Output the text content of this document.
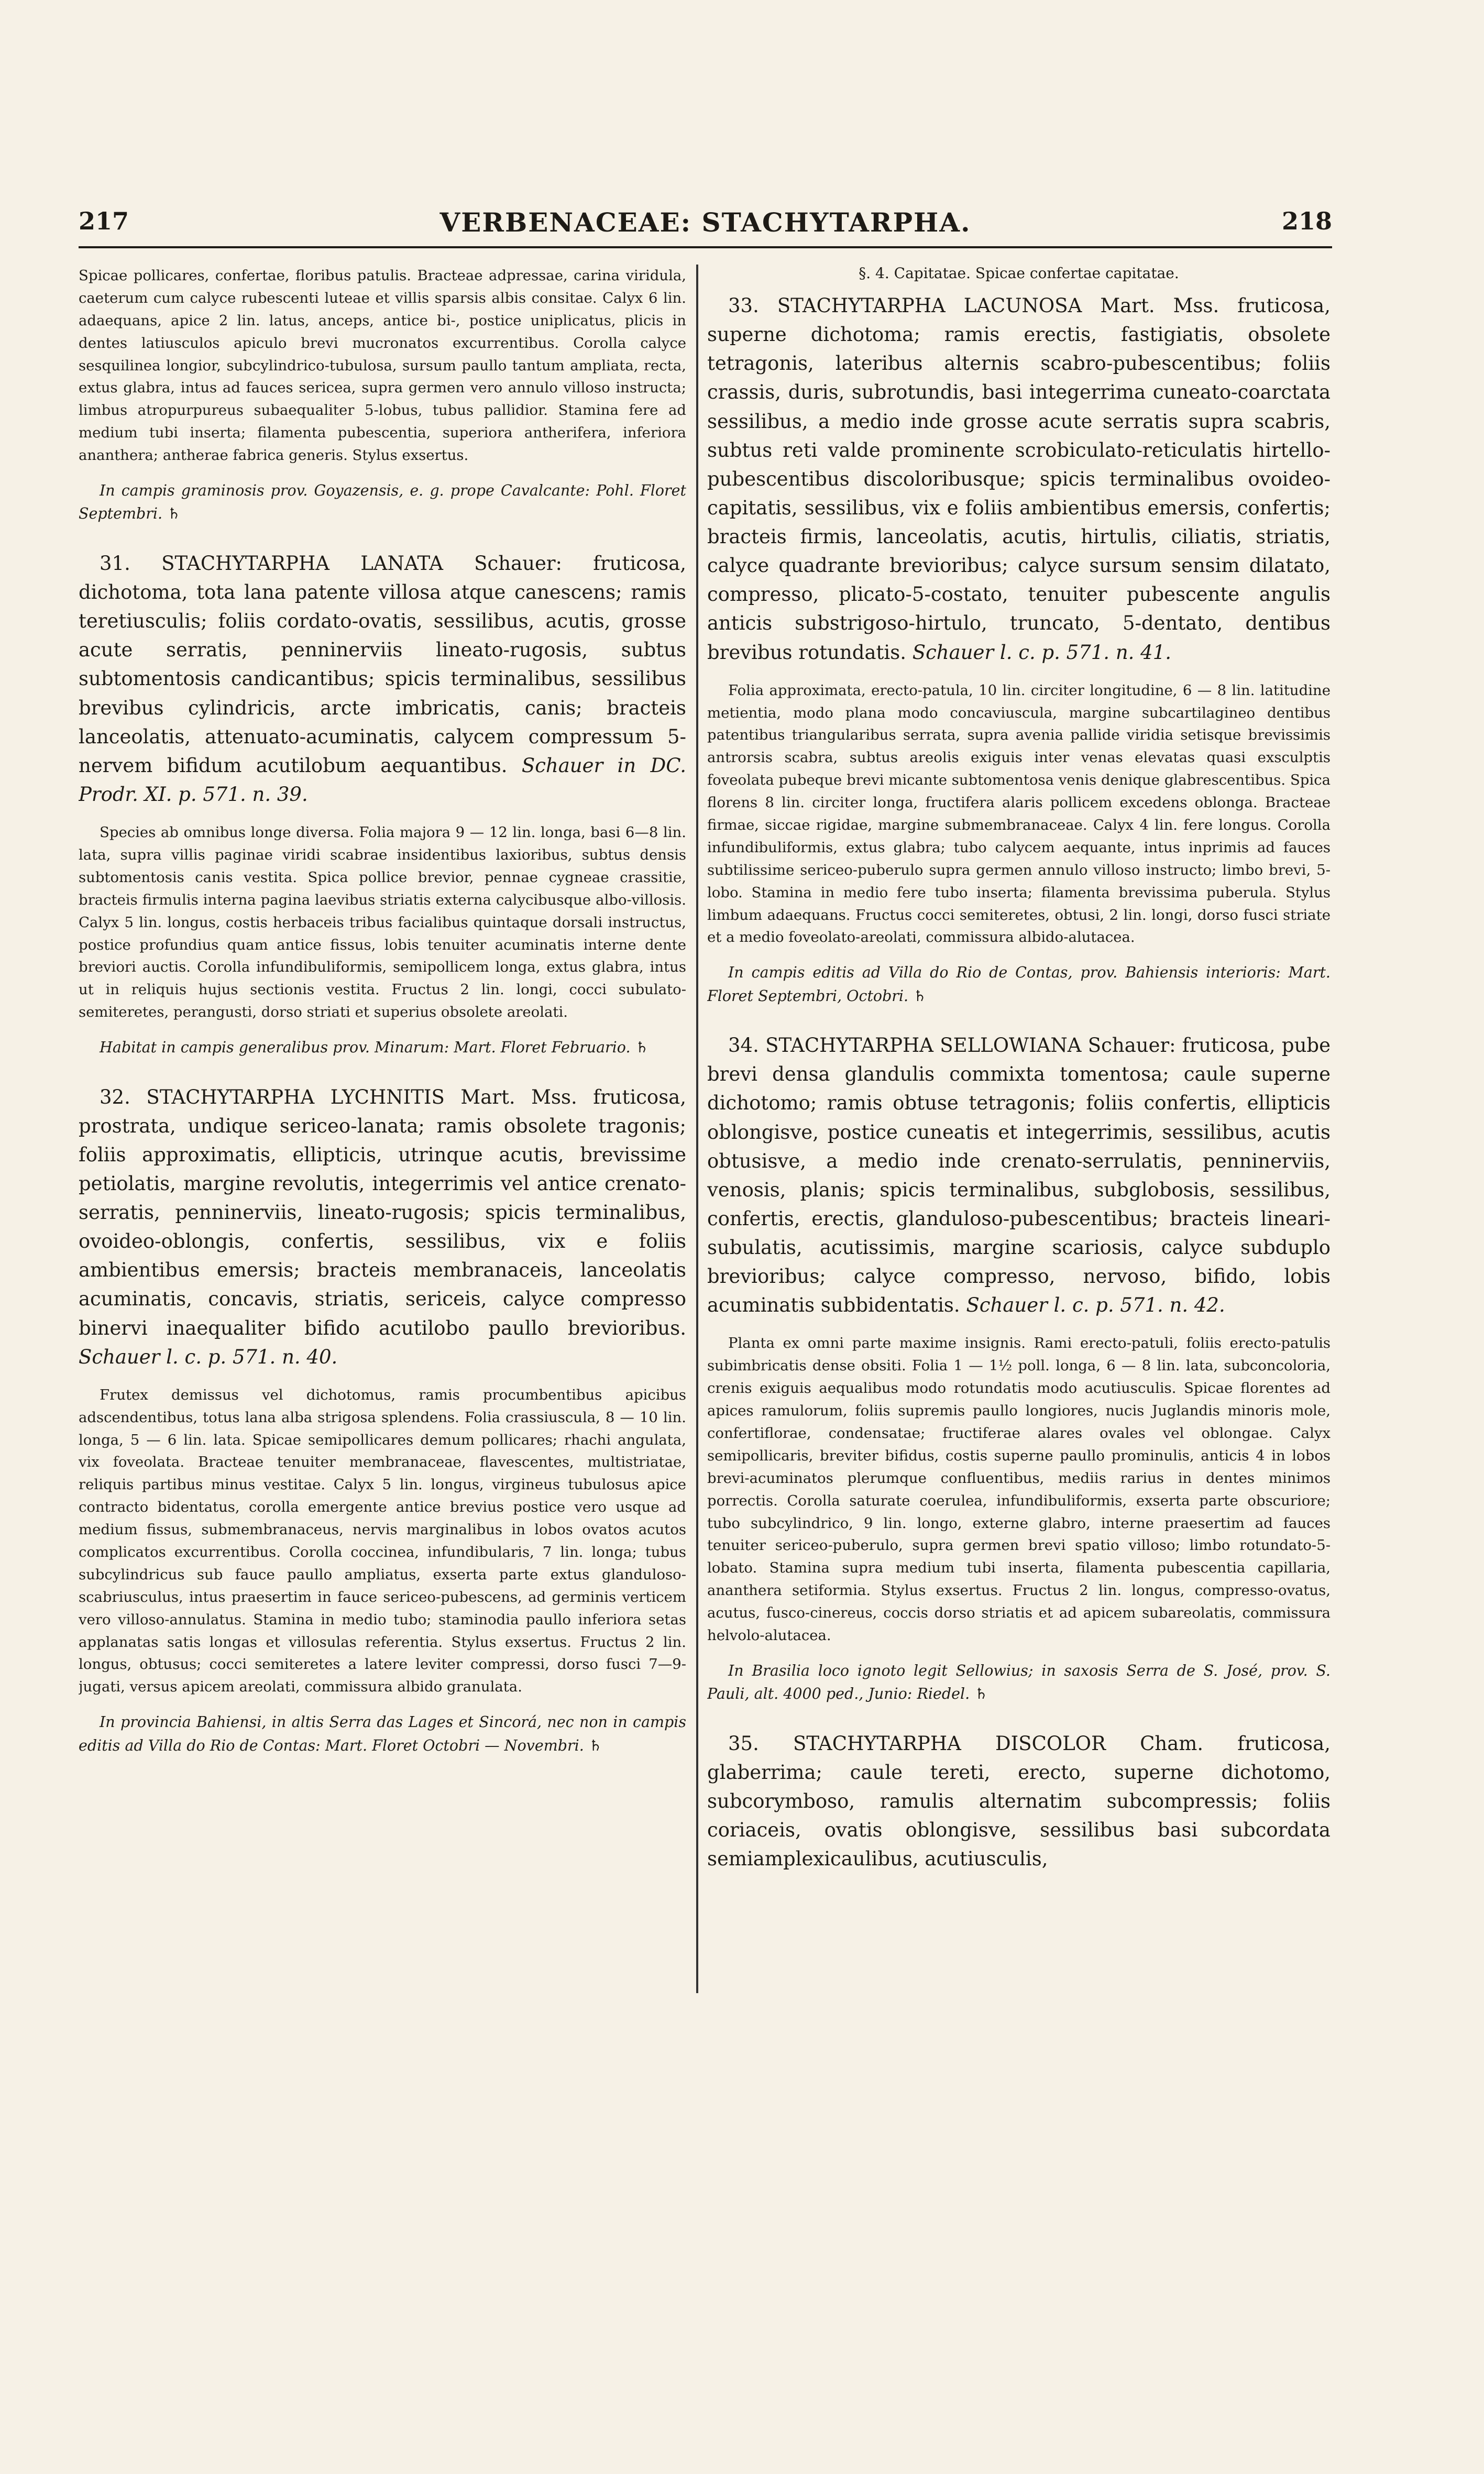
217	VERBENACEAE: STACHYTARPHA.	218

Spicae pollicares, confertae, floribus patulis. Bracteae adpressae, carina viridula, caeterum cum calyce rubescenti luteae et villis sparsis albis consitae. Calyx 6 lin. adaequans, apice 2 lin. latus, anceps, antice bi-, postice uniplicatus, plicis in dentes latiusculos apiculo brevi mucronatos excurrentibus. Corolla calyce sesquilinea longior, subcylindrico-tubulosa, sursum paullo tantum ampliata, recta, extus glabra, intus ad fauces sericea, supra germen vero annulo villoso instructa; limbus atropurpureus subaequaliter 5-lobus, tubus pallidior. Stamina fere ad medium tubi inserta; filamenta pubescentia, superiora antherifera, inferiora ananthera; antherae fabrica generis. Stylus exsertus.

In campis graminosis prov. Goyazensis, e. g. prope Cavalcante: Pohl. Floret Septembri. ♄

31. STACHYTARPHA LANATA Schauer: fruticosa, dichotoma, tota lana patente villosa atque canescens; ramis teretiusculis; foliis cordato-ovatis, sessilibus, acutis, grosse acute serratis, penninerviis lineato-rugosis, subtus subtomentosis candicantibus; spicis terminalibus, sessilibus brevibus cylindricis, arcte imbricatis, canis; bracteis lanceolatis, attenuato-acuminatis, calycem compressum 5-nervem bifidum acutilobum aequantibus. Schauer in DC. Prodr. XI. p. 571. n. 39.

Species ab omnibus longe diversa. Folia majora 9 — 12 lin. longa, basi 6—8 lin. lata, supra villis paginae viridi scabrae insidentibus laxioribus, subtus densis subtomentosis canis vestita. Spica pollice brevior, pennae cygneae crassitie, bracteis firmulis interna pagina laevibus striatis externa calycibusque albo-villosis. Calyx 5 lin. longus, costis herbaceis tribus facialibus quintaque dorsali instructus, postice profundius quam antice fissus, lobis tenuiter acuminatis interne dente breviori auctis. Corolla infundibuliformis, semipollicem longa, extus glabra, intus ut in reliquis hujus sectionis vestita. Fructus 2 lin. longi, cocci subulato-semiteretes, perangusti, dorso striati et superius obsolete areolati.

Habitat in campis generalibus prov. Minarum: Mart. Floret Februario. ♄

32. STACHYTARPHA LYCHNITIS Mart. Mss. fruticosa, prostrata, undique sericeo-lanata; ramis obsolete tragonis; foliis approximatis, ellipticis, utrinque acutis, brevissime petiolatis, margine revolutis, integerrimis vel antice crenato-serratis, penninerviis, lineato-rugosis; spicis terminalibus, ovoideo-oblongis, confertis, sessilibus, vix e foliis ambientibus emersis; bracteis membranaceis, lanceolatis acuminatis, concavis, striatis, sericeis, calyce compresso binervi inaequaliter bifido acutilobo paullo brevioribus. Schauer l. c. p. 571. n. 40.

Frutex demissus vel dichotomus, ramis procumbentibus apicibus adscendentibus, totus lana alba strigosa splendens. Folia crassiuscula, 8 — 10 lin. longa, 5 — 6 lin. lata. Spicae semipollicares demum pollicares; rhachi angulata, vix foveolata. Bracteae tenuiter membranaceae, flavescentes, multistriatae, reliquis partibus minus vestitae. Calyx 5 lin. longus, virgineus tubulosus apice contracto bidentatus, corolla emergente antice brevius postice vero usque ad medium fissus, submembranaceus, nervis marginalibus in lobos ovatos acutos complicatos excurrentibus. Corolla coccinea, infundibularis, 7 lin. longa; tubus subcylindricus sub fauce paullo ampliatus, exserta parte extus glanduloso-scabriusculus, intus praesertim in fauce sericeo-pubescens, ad germinis verticem vero villoso-annulatus. Stamina in medio tubo; staminodia paullo inferiora setas applanatas satis longas et villosulas referentia. Stylus exsertus. Fructus 2 lin. longus, obtusus; cocci semiteretes a latere leviter compressi, dorso fusci 7—9-jugati, versus apicem areolati, commissura albido granulata.

In provincia Bahiensi, in altis Serra das Lages et Sincorá, nec non in campis editis ad Villa do Rio de Contas: Mart. Floret Octobri — Novembri. ♄

§. 4. Capitatae. Spicae confertae capitatae.

33. STACHYTARPHA LACUNOSA Mart. Mss. fruticosa, superne dichotoma; ramis erectis, fastigiatis, obsolete tetragonis, lateribus alternis scabro-pubescentibus; foliis crassis, duris, subrotundis, basi integerrima cuneato-coarctata sessilibus, a medio inde grosse acute serratis supra scabris, subtus reti valde prominente scrobiculato-reticulatis hirtello-pubescentibus discoloribusque; spicis terminalibus ovoideo-capitatis, sessilibus, vix e foliis ambientibus emersis, confertis; bracteis firmis, lanceolatis, acutis, hirtulis, ciliatis, striatis, calyce quadrante brevioribus; calyce sursum sensim dilatato, compresso, plicato-5-costato, tenuiter pubescente angulis anticis substrigoso-hirtulo, truncato, 5-dentato, dentibus brevibus rotundatis. Schauer l. c. p. 571. n. 41.

Folia approximata, erecto-patula, 10 lin. circiter longitudine, 6 — 8 lin. latitudine metientia, modo plana modo concaviuscula, margine subcartilagineo dentibus patentibus triangularibus serrata, supra avenia pallide viridia setisque brevissimis antrorsis scabra, subtus areolis exiguis inter venas elevatas quasi exsculptis foveolata pubeque brevi micante subtomentosa venis denique glabrescentibus. Spica florens 8 lin. circiter longa, fructifera alaris pollicem excedens oblonga. Bracteae firmae, siccae rigidae, margine submembranaceae. Calyx 4 lin. fere longus. Corolla infundibuliformis, extus glabra; tubo calycem aequante, intus inprimis ad fauces subtilissime sericeo-puberulo supra germen annulo villoso instructo; limbo brevi, 5-lobo. Stamina in medio fere tubo inserta; filamenta brevissima puberula. Stylus limbum adaequans. Fructus cocci semiteretes, obtusi, 2 lin. longi, dorso fusci striate et a medio foveolato-areolati, commissura albido-alutacea.

In campis editis ad Villa do Rio de Contas, prov. Bahiensis interioris: Mart. Floret Septembri, Octobri. ♄

34. STACHYTARPHA SELLOWIANA Schauer: fruticosa, pube brevi densa glandulis commixta tomentosa; caule superne dichotomo; ramis obtuse tetragonis; foliis confertis, ellipticis oblongisve, postice cuneatis et integerrimis, sessilibus, acutis obtusisve, a medio inde crenato-serrulatis, penninerviis, venosis, planis; spicis terminalibus, subglobosis, sessilibus, confertis, erectis, glanduloso-pubescentibus; bracteis lineari-subulatis, acutissimis, margine scariosis, calyce subduplo brevioribus; calyce compresso, nervoso, bifido, lobis acuminatis subbidentatis. Schauer l. c. p. 571. n. 42.

Planta ex omni parte maxime insignis. Rami erecto-patuli, foliis erecto-patulis subimbricatis dense obsiti. Folia 1 — 1½ poll. longa, 6 — 8 lin. lata, subconcoloria, crenis exiguis aequalibus modo rotundatis modo acutiusculis. Spicae florentes ad apices ramulorum, foliis supremis paullo longiores, nucis Juglandis minoris mole, confertiflorae, condensatae; fructiferae alares ovales vel oblongae. Calyx semipollicaris, breviter bifidus, costis superne paullo prominulis, anticis 4 in lobos brevi-acuminatos plerumque confluentibus, mediis rarius in dentes minimos porrectis. Corolla saturate coerulea, infundibuliformis, exserta parte obscuriore; tubo subcylindrico, 9 lin. longo, externe glabro, interne praesertim ad fauces tenuiter sericeo-puberulo, supra germen brevi spatio villoso; limbo rotundato-5-lobato. Stamina supra medium tubi inserta, filamenta pubescentia capillaria, ananthera setiformia. Stylus exsertus. Fructus 2 lin. longus, compresso-ovatus, acutus, fusco-cinereus, coccis dorso striatis et ad apicem subareolatis, commissura helvolo-alutacea.

In Brasilia loco ignoto legit Sellowius; in saxosis Serra de S. José, prov. S. Pauli, alt. 4000 ped., Junio: Riedel. ♄

35. STACHYTARPHA DISCOLOR Cham. fruticosa, glaberrima; caule tereti, erecto, superne dichotomo, subcorymboso, ramulis alternatim subcompressis; foliis coriaceis, ovatis oblongisve, sessilibus basi subcordata semiamplexicaulibus, acutiusculis,
